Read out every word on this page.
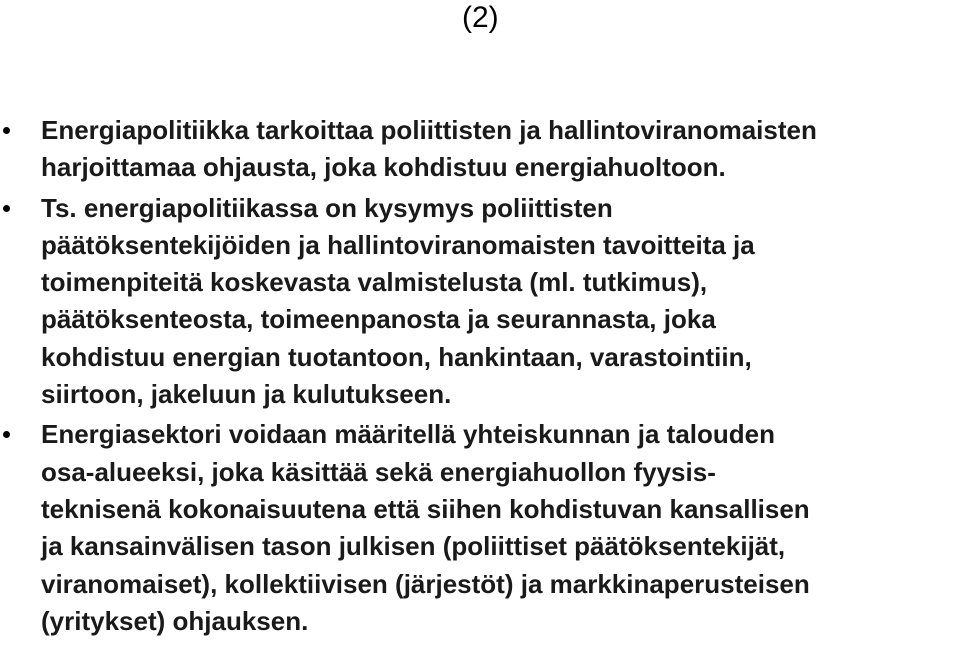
(2)
Energiapolitiikka tarkoittaa poliittisten ja hallintoviranomaisten
harjoittamaa ohjausta, joka kohdistuu energiahuoltoon.
Ts. energiapolitiikassa on kysymys poliittisten
päätöksentekijöiden ja hallintoviranomaisten tavoitteita ja
toimenpiteitä koskevasta valmistelusta (ml. tutkimus),
päätöksenteosta, toimeenpanosta ja seurannasta, joka
kohdistuu energian tuotantoon, hankintaan, varastointiin,
siirtoon, jakeluun ja kulutukseen.
Energiasektori voidaan määritellä yhteiskunnan ja talouden
osa-alueeksi, joka käsittää sekä energiahuollon fyysis-
teknisenä kokonaisuutena että siihen kohdistuvan kansallisen
ja kansainvälisen tason julkisen (poliittiset päätöksentekijät,
viranomaiset), kollektiivisen (järjestöt) ja markkinaperusteisen
(yritykset) ohjauksen.
